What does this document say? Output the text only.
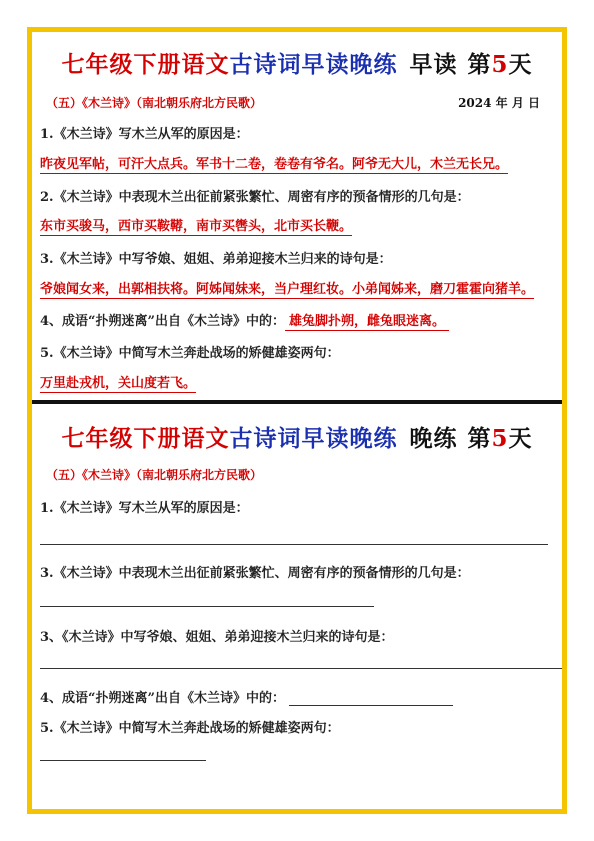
七年级下册语文古诗词早读晚练 早读 第5天
（五）《木兰诗》（南北朝乐府北方民歌）	2024 年 月 日
1.《木兰诗》写木兰从军的原因是：
昨夜见军帖，可汗大点兵。军书十二卷，卷卷有爷名。阿爷无大儿，木兰无长兄。
2.《木兰诗》中表现木兰出征前紧张繁忙、周密有序的预备情形的几句是：
东市买骏马，西市买鞍鞯，南市买辔头，北市买长鞭。
3.《木兰诗》中写爷娘、姐姐、弟弟迎接木兰归来的诗句是：
爷娘闻女来，出郭相扶将。阿姊闻妹来，当户理红妆。小弟闻姊来，磨刀霍霍向猪羊。
4、成语“扑朔迷离”出自《木兰诗》中的： 雄兔脚扑朔，雌兔眼迷离。
5.《木兰诗》中简写木兰奔赴战场的矫健雄姿两句：
万里赴戎机，关山度若飞。
七年级下册语文古诗词早读晚练 晚练 第5天
（五）《木兰诗》（南北朝乐府北方民歌）
1.《木兰诗》写木兰从军的原因是：
3.《木兰诗》中表现木兰出征前紧张繁忙、周密有序的预备情形的几句是：
3、《木兰诗》中写爷娘、姐姐、弟弟迎接木兰归来的诗句是：
4、成语“扑朔迷离”出自《木兰诗》中的：
5.《木兰诗》中简写木兰奔赴战场的矫健雄姿两句：
